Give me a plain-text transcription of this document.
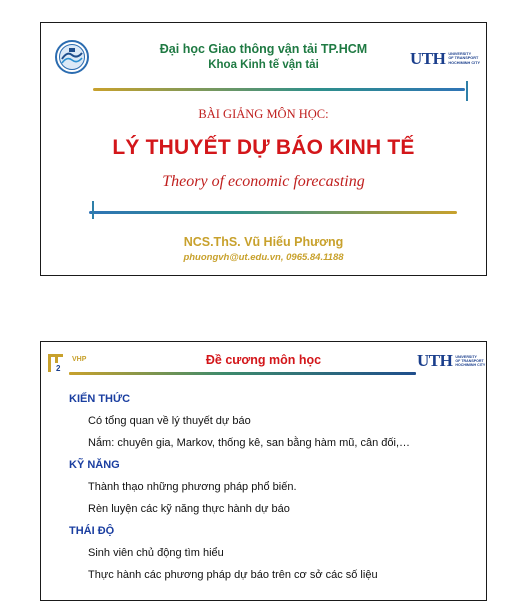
Đại học Giao thông vận tải TP.HCM
Khoa Kinh tế vận tải	UTH UNIVERSITY
OF TRANSPORT
HOCHIMINH CITY
BÀI GIẢNG MÔN HỌC:
LÝ THUYẾT DỰ BÁO KINH TẾ
Theory of economic forecasting
NCS.ThS. Vũ Hiếu Phương
phuongvh@ut.edu.vn, 0965.84.1188
2
VHP	Đề cương môn học	UTH UNIVERSITY
OF TRANSPORT
HOCHIMINH CITY
KIẾN THỨC
Có tổng quan về lý thuyết dự báo
Nắm: chuyên gia, Markov, thống kê, san bằng hàm mũ, cân đối,…
KỸ NĂNG
Thành thạo những phương pháp phổ biến.
Rèn luyện các kỹ năng thực hành dự báo
THÁI ĐỘ
Sinh viên chủ động tìm hiểu
Thực hành các phương pháp dự báo trên cơ sở các số liệu
